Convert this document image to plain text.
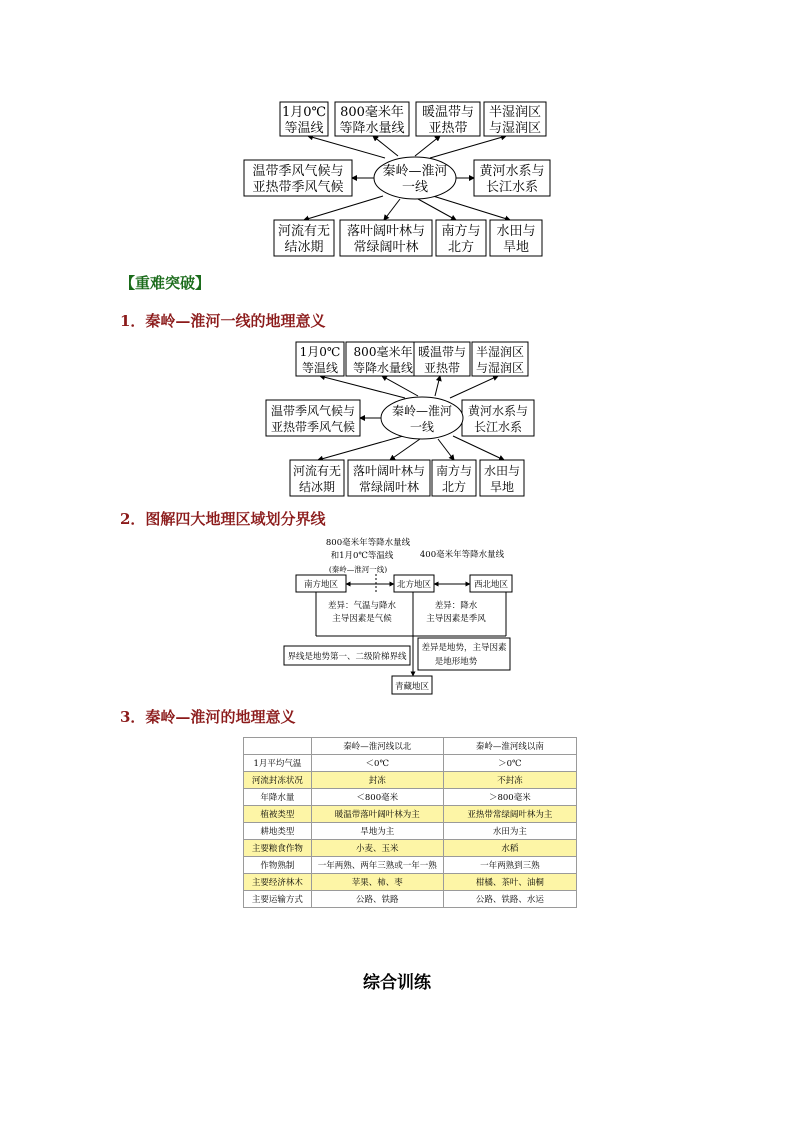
1月0℃
等温线
800毫米年
等降水量线
暖温带与
亚热带
半湿润区
与湿润区
温带季风气候与
亚热带季风气候
黄河水系与
长江水系
秦岭—淮河
一线
河流有无
结冰期
落叶阔叶林与
常绿阔叶林
南方与
北方
水田与
旱地
【重难突破】
1．秦岭—淮河一线的地理意义
1月0℃
等温线
800毫米年
等降水量线
暖温带与
亚热带
半湿润区
与湿润区
温带季风气候与
亚热带季风气候
黄河水系与
长江水系
秦岭—淮河
一线
河流有无
结冰期
落叶阔叶林与
常绿阔叶林
南方与
北方
水田与
旱地
2．图解四大地理区域划分界线
800毫米年等降水量线
和1月0℃等温线	400毫米年等降水量线
(秦岭—淮河一线)
南方地区	北方地区	西北地区
差异：气温与降水
主导因素是气候
差异：降水
主导因素是季风
界线是地势第一、二级阶梯界线
差异是地势，主导因素
是地形地势
青藏地区
3．秦岭—淮河的地理意义
	秦岭—淮河线以北	秦岭—淮河线以南
1月平均气温	＜0℃	＞0℃
河流封冻状况	封冻	不封冻
年降水量	＜800毫米	＞800毫米
植被类型	暖温带落叶阔叶林为主	亚热带常绿阔叶林为主
耕地类型	旱地为主	水田为主
主要粮食作物	小麦、玉米	水稻
作物熟制	一年两熟、两年三熟或一年一熟	一年两熟到三熟
主要经济林木	苹果、柿、枣	柑橘、茶叶、油桐
主要运输方式	公路、铁路	公路、铁路、水运
综合训练
